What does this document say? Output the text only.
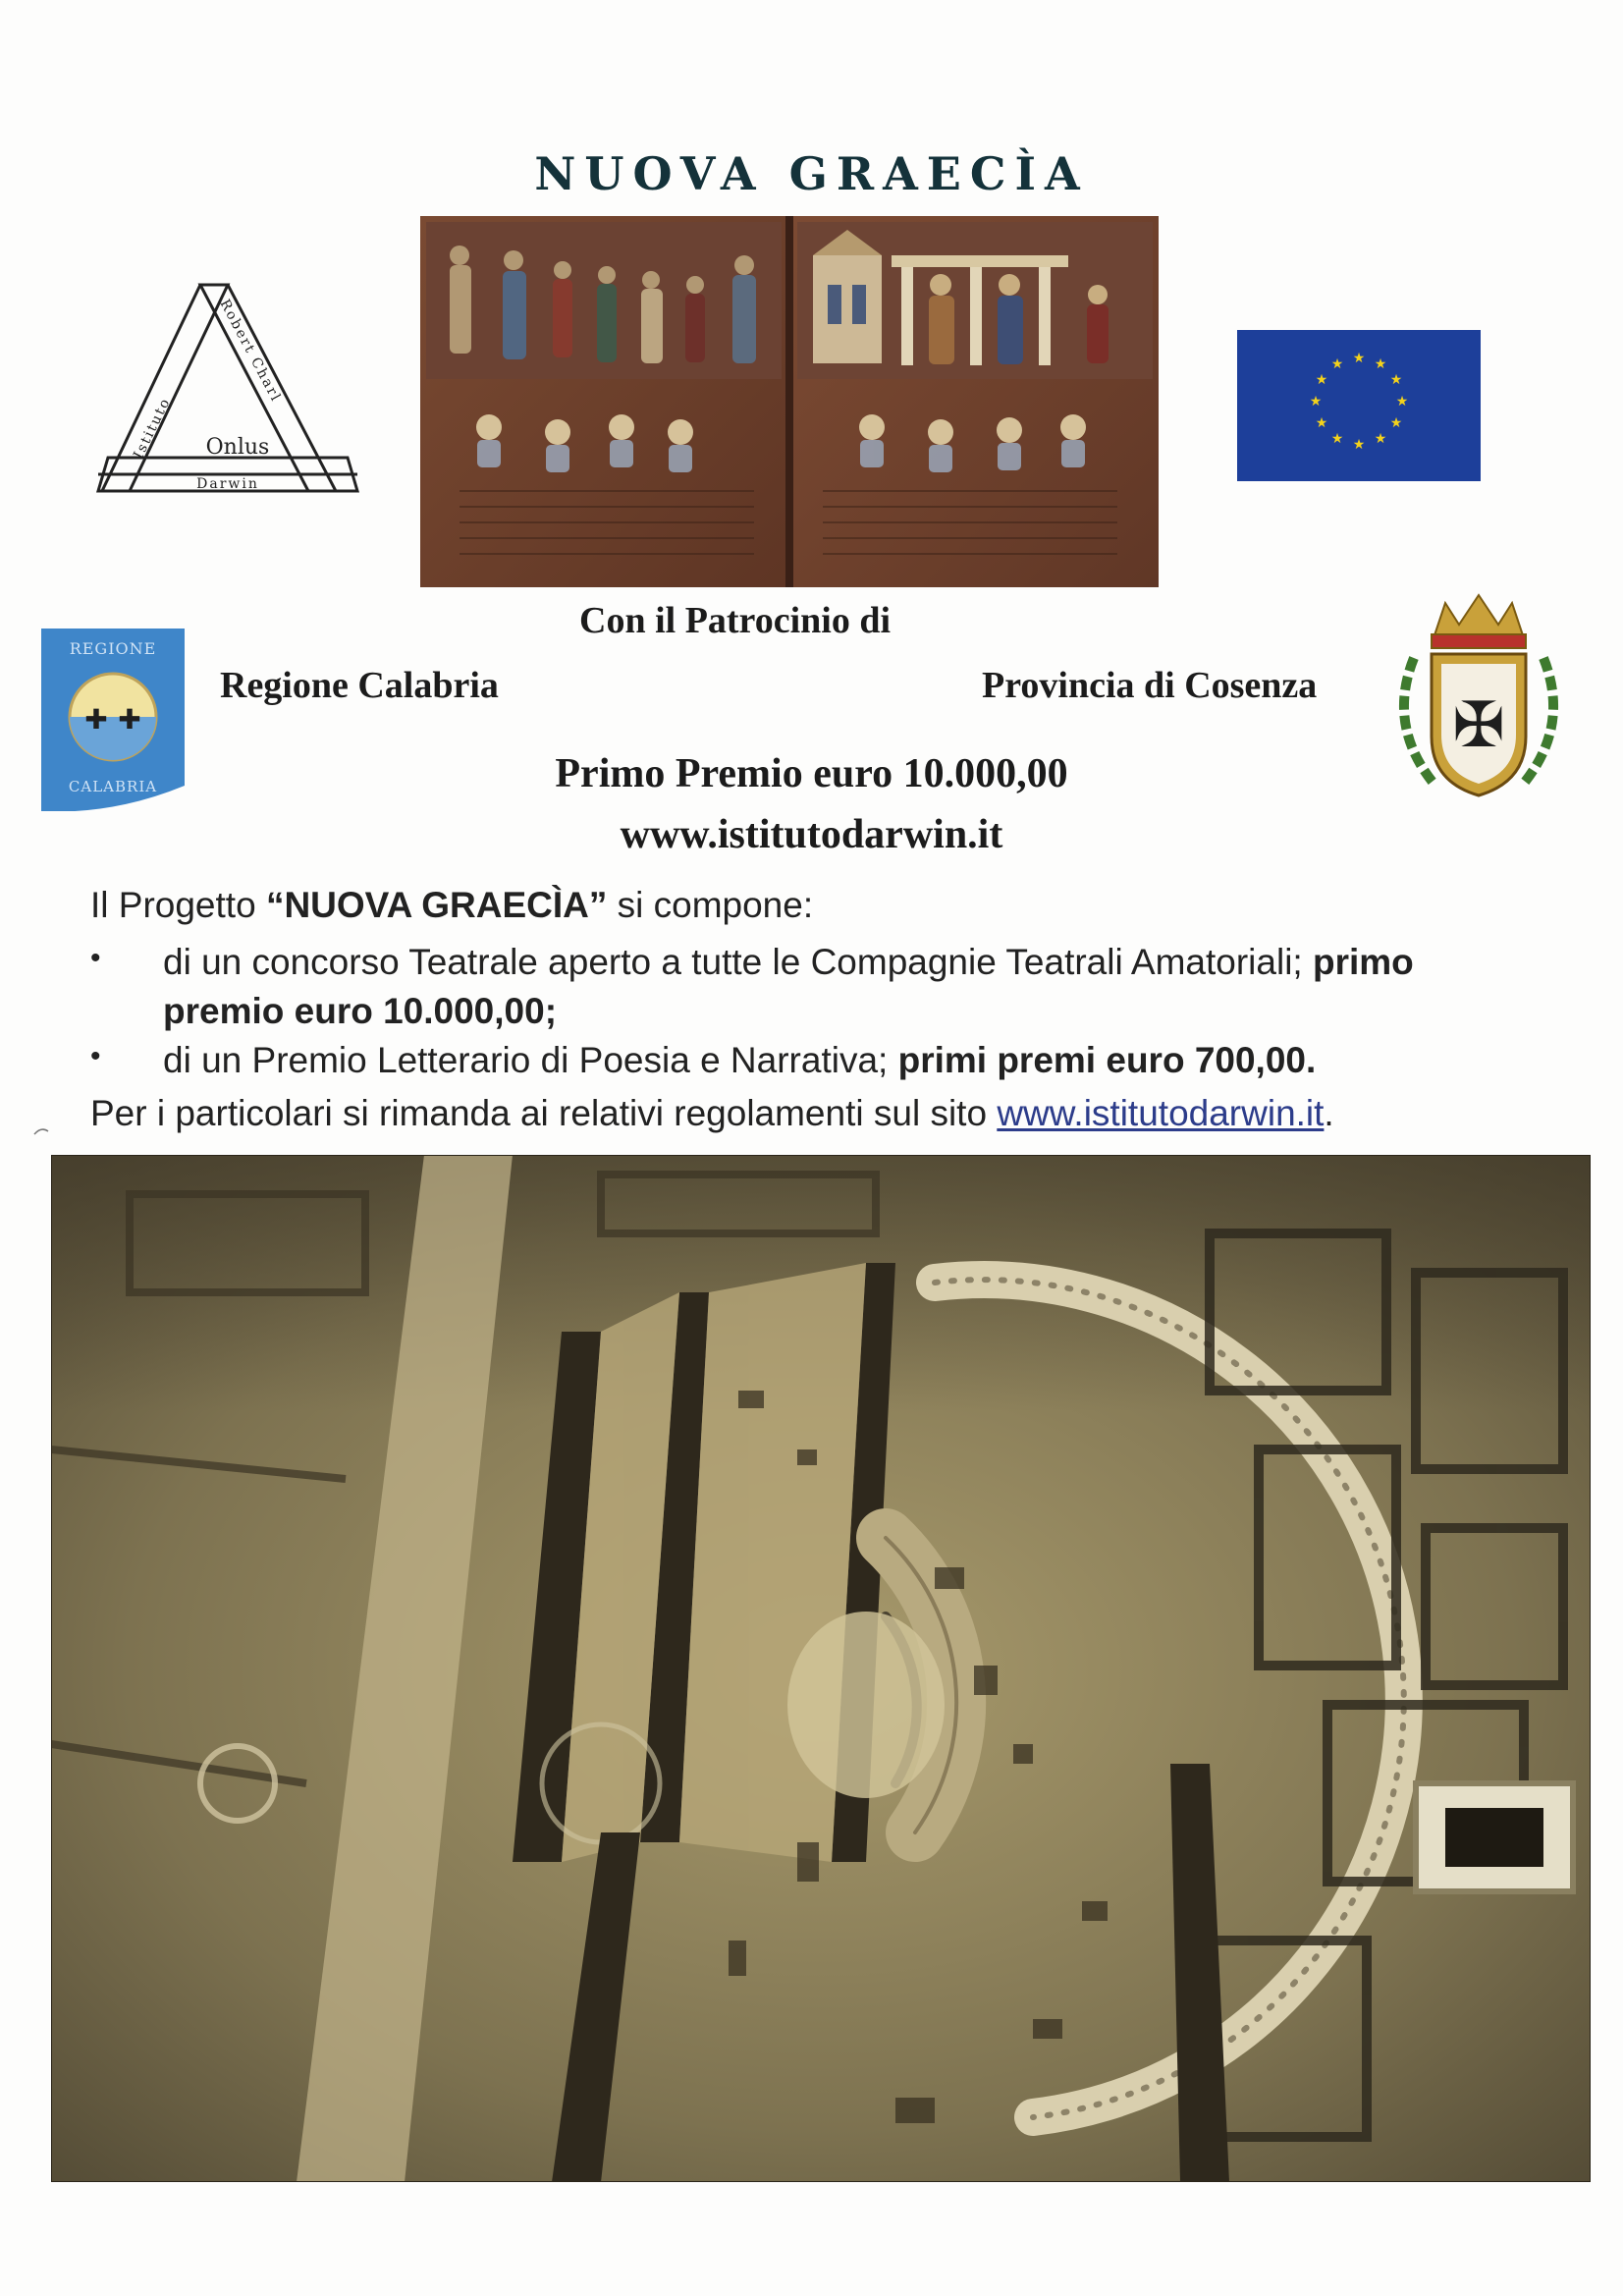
NUOVA GRAECÌA
Onlus
Darwin
Istituto
Robert Charl	★ ★
★
★
★
★
★
★
★
★
★
★
Con il Patrocinio di
Regione Calabria	Provincia di Cosenza
REGIONE
✚ ✚
CALABRIA
✠
Primo Premio euro 10.000,00
www.istitutodarwin.it
Il Progetto “NUOVA GRAECÌA” si compone:
• di un concorso Teatrale aperto a tutte le Compagnie Teatrali Amatoriali; primo
premio euro 10.000,00;
• di un Premio Letterario di Poesia e Narrativa; primi premi euro 700,00.
Per i particolari si rimanda ai relativi regolamenti sul sito www.istitutodarwin.it.
